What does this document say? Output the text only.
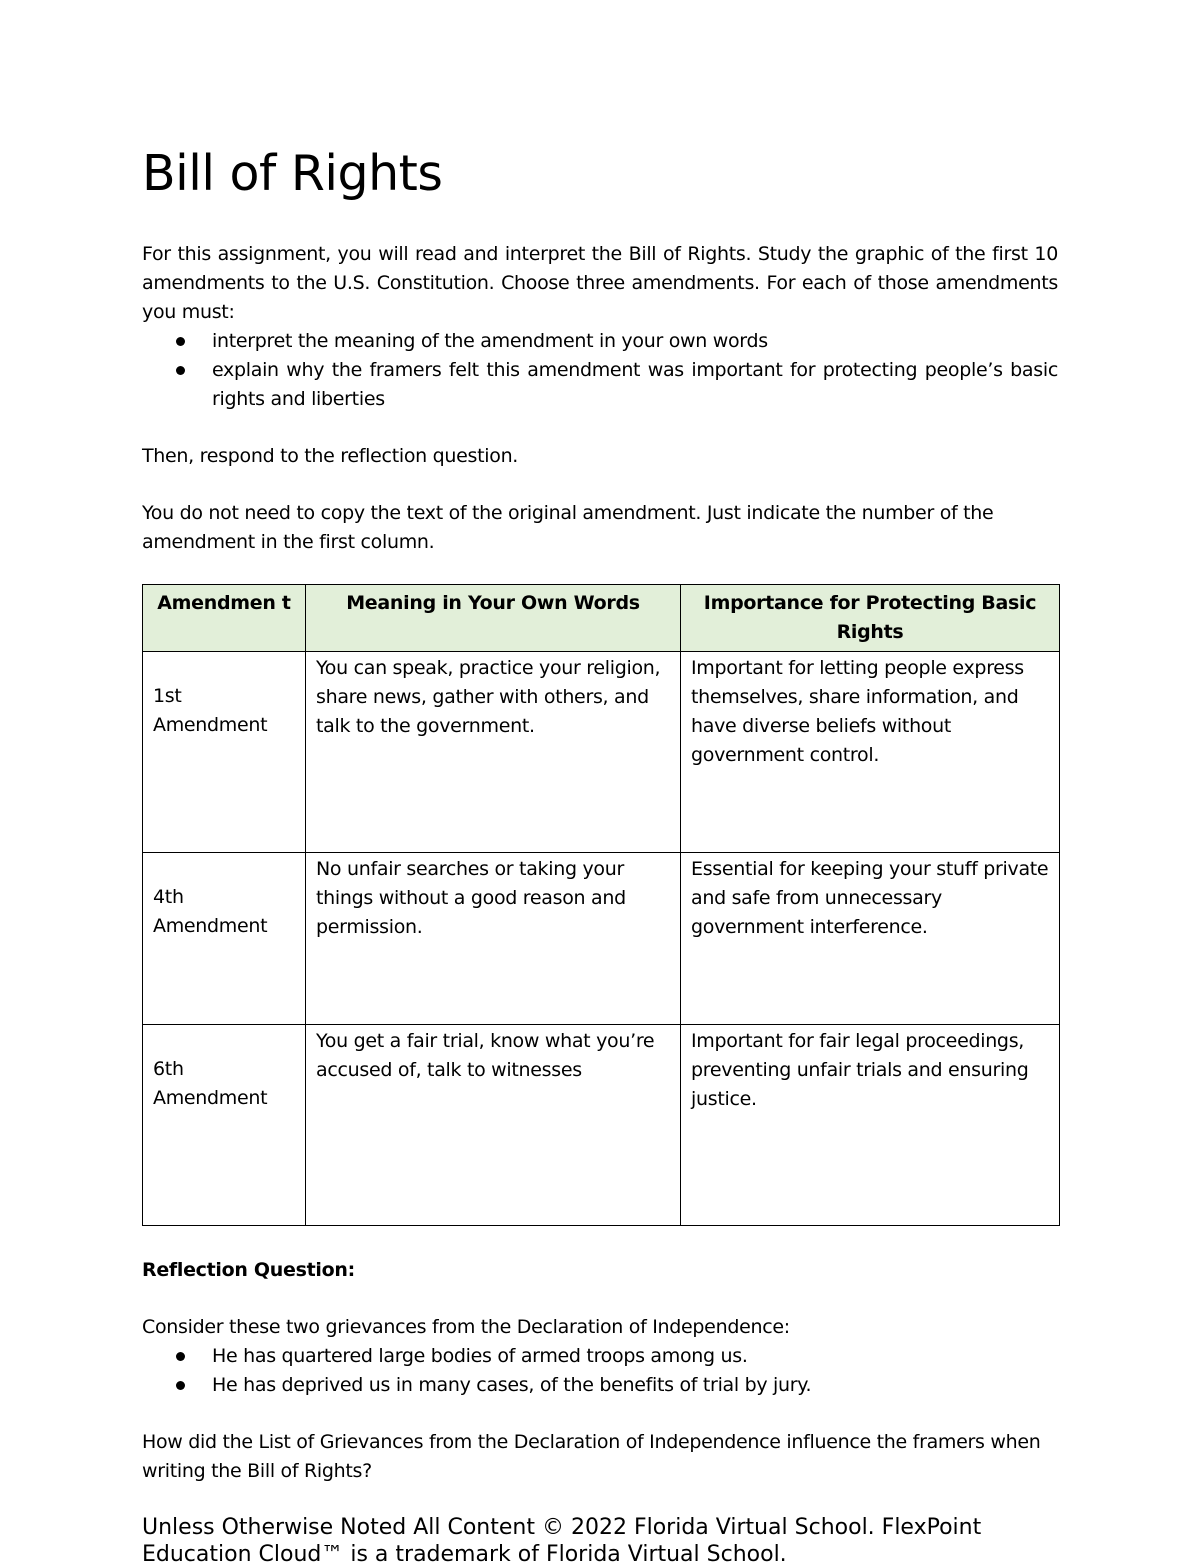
Bill of Rights

For this assignment, you will read and interpret the Bill of Rights. Study the graphic of the first 10 amendments to the U.S. Constitution. Choose three amendments. For each of those amendments you must:

interpret the meaning of the amendment in your own words
explain why the framers felt this amendment was important for protecting people’s basic rights and liberties

Then, respond to the reflection question.

You do not need to copy the text of the original amendment. Just indicate the number of the amendment in the first column.

Amendmen t	Meaning in Your Own Words	Importance for Protecting Basic Rights
1st Amendment	You can speak, practice your religion, share news, gather with others, and talk to the government.	Important for letting people express themselves, share information, and have diverse beliefs without government control.
4th Amendment	No unfair searches or taking your things without a good reason and permission.	Essential for keeping your stuff private and safe from unnecessary government interference.
6th Amendment	You get a fair trial, know what you’re accused of, talk to witnesses	Important for fair legal proceedings, preventing unfair trials and ensuring justice.
Reflection Question:

Consider these two grievances from the Declaration of Independence:

He has quartered large bodies of armed troops among us.
He has deprived us in many cases, of the benefits of trial by jury.

How did the List of Grievances from the Declaration of Independence influence the framers when writing the Bill of Rights?

Unless Otherwise Noted All Content © 2022 Florida Virtual School. FlexPoint Education Cloud™ is a trademark of Florida Virtual School.
